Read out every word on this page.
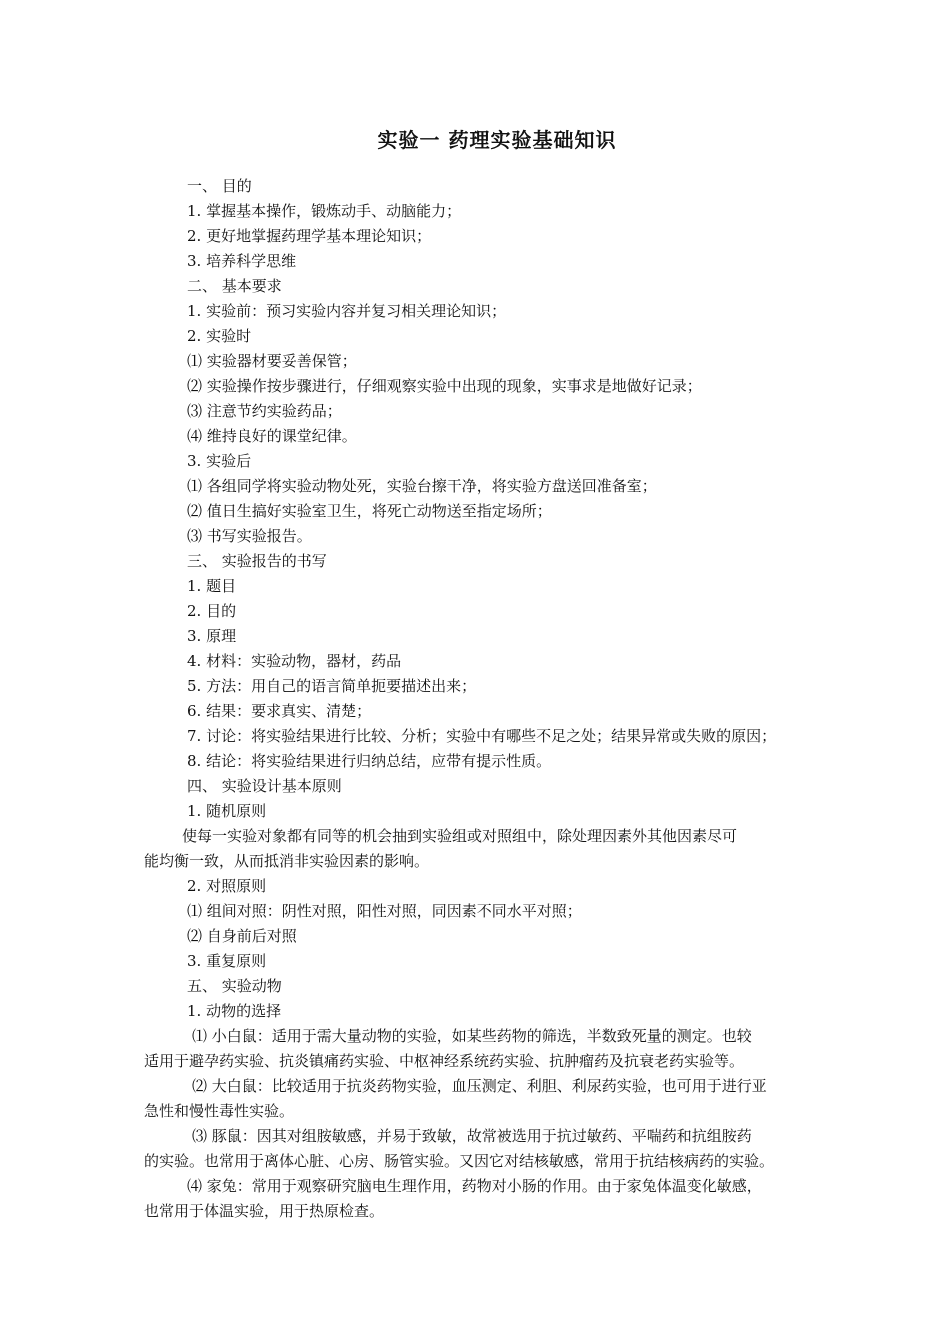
实验一 药理实验基础知识
一、 目的
1. 掌握基本操作，锻炼动手、动脑能力；
2. 更好地掌握药理学基本理论知识；
3. 培养科学思维
二、 基本要求
1. 实验前：预习实验内容并复习相关理论知识；
2. 实验时
⑴ 实验器材要妥善保管；
⑵ 实验操作按步骤进行，仔细观察实验中出现的现象，实事求是地做好记录；
⑶ 注意节约实验药品；
⑷ 维持良好的课堂纪律。
3. 实验后
⑴ 各组同学将实验动物处死，实验台擦干净，将实验方盘送回准备室；
⑵ 值日生搞好实验室卫生，将死亡动物送至指定场所；
⑶ 书写实验报告。
三、 实验报告的书写
1. 题目
2. 目的
3. 原理
4. 材料：实验动物，器材，药品
5. 方法：用自己的语言简单扼要描述出来；
6. 结果：要求真实、清楚；
7. 讨论：将实验结果进行比较、分析；实验中有哪些不足之处；结果异常或失败的原因；
8. 结论：将实验结果进行归纳总结，应带有提示性质。
四、 实验设计基本原则
1. 随机原则
使每一实验对象都有同等的机会抽到实验组或对照组中，除处理因素外其他因素尽可
能均衡一致，从而抵消非实验因素的影响。
2. 对照原则
⑴ 组间对照：阴性对照，阳性对照，同因素不同水平对照；
⑵ 自身前后对照
3. 重复原则
五、 实验动物
1. 动物的选择
⑴ 小白鼠：适用于需大量动物的实验，如某些药物的筛选，半数致死量的测定。也较
适用于避孕药实验、抗炎镇痛药实验、中枢神经系统药实验、抗肿瘤药及抗衰老药实验等。
⑵ 大白鼠：比较适用于抗炎药物实验，血压测定、利胆、利尿药实验，也可用于进行亚
急性和慢性毒性实验。
⑶ 豚鼠：因其对组胺敏感，并易于致敏，故常被选用于抗过敏药、平喘药和抗组胺药
的实验。也常用于离体心脏、心房、肠管实验。又因它对结核敏感，常用于抗结核病药的实验。
⑷ 家兔：常用于观察研究脑电生理作用，药物对小肠的作用。由于家兔体温变化敏感，
也常用于体温实验，用于热原检查。
